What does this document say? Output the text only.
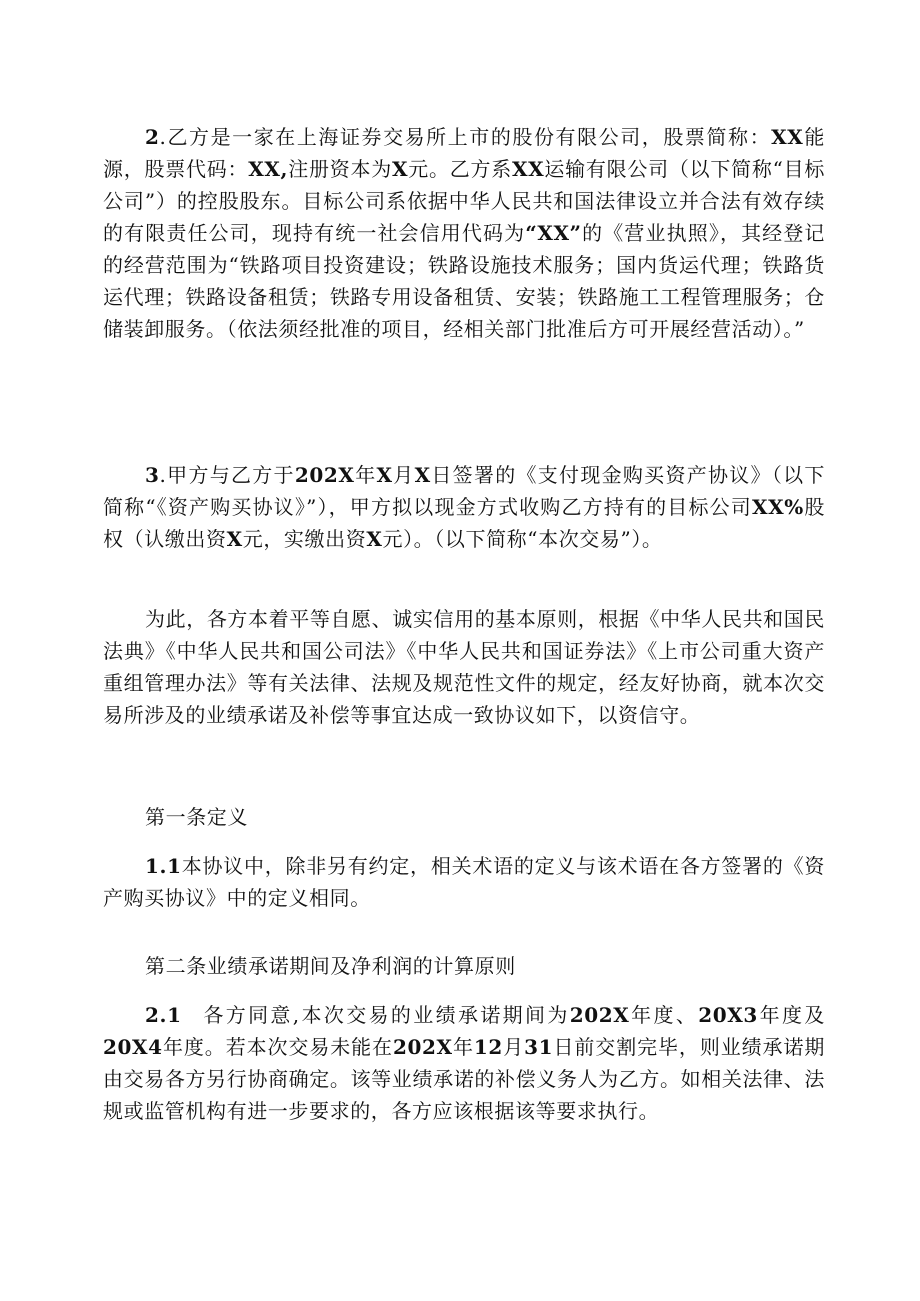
2.乙方是一家在上海证券交易所上市的股份有限公司，股票简称：XX能源，股票代码：XX,注册资本为X元。乙方系XX运输有限公司（以下简称“目标公司”）的控股股东。目标公司系依据中华人民共和国法律设立并合法有效存续的有限责任公司，现持有统一社会信用代码为“XX”的《营业执照》，其经登记的经营范围为“铁路项目投资建设；铁路设施技术服务；国内货运代理；铁路货运代理；铁路设备租赁；铁路专用设备租赁、安装；铁路施工工程管理服务；仓储装卸服务。（依法须经批准的项目，经相关部门批准后方可开展经营活动）。”

3.甲方与乙方于202X年X月X日签署的《支付现金购买资产协议》（以下简称“《资产购买协议》”），甲方拟以现金方式收购乙方持有的目标公司XX%股权（认缴出资X元，实缴出资X元）。（以下简称“本次交易”）。

为此，各方本着平等自愿、诚实信用的基本原则，根据《中华人民共和国民法典》《中华人民共和国公司法》《中华人民共和国证券法》《上市公司重大资产重组管理办法》等有关法律、法规及规范性文件的规定，经友好协商，就本次交易所涉及的业绩承诺及补偿等事宜达成一致协议如下，以资信守。

第一条定义

1.1本协议中，除非另有约定，相关术语的定义与该术语在各方签署的《资产购买协议》中的定义相同。

第二条业绩承诺期间及净利润的计算原则

2.1 各方同意,本次交易的业绩承诺期间为202X年度、20X3年度及20X4年度。若本次交易未能在202X年12月31日前交割完毕，则业绩承诺期由交易各方另行协商确定。该等业绩承诺的补偿义务人为乙方。如相关法律、法规或监管机构有进一步要求的，各方应该根据该等要求执行。
